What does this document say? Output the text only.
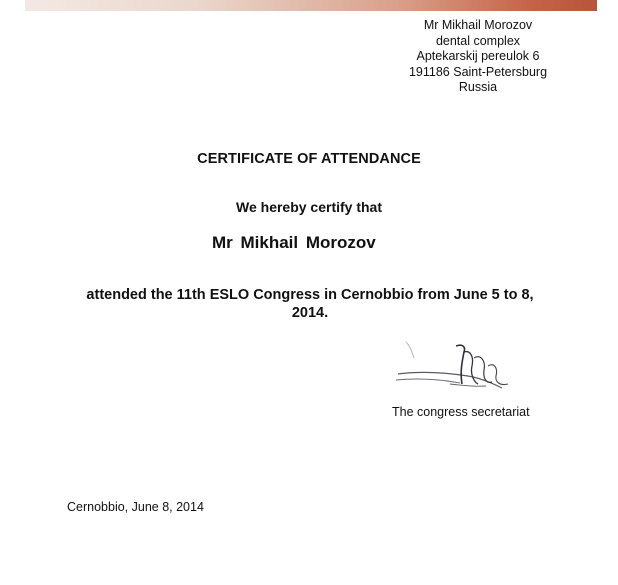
Mr Mikhail Morozov
dental complex
Aptekarskij pereulok 6
191186 Saint-Petersburg
Russia
CERTIFICATE OF ATTENDANCE
We hereby certify that
Mr Mikhail Morozov
attended the 11th ESLO Congress in Cernobbio from June 5 to 8,
2014.
The congress secretariat
Cernobbio, June 8, 2014
